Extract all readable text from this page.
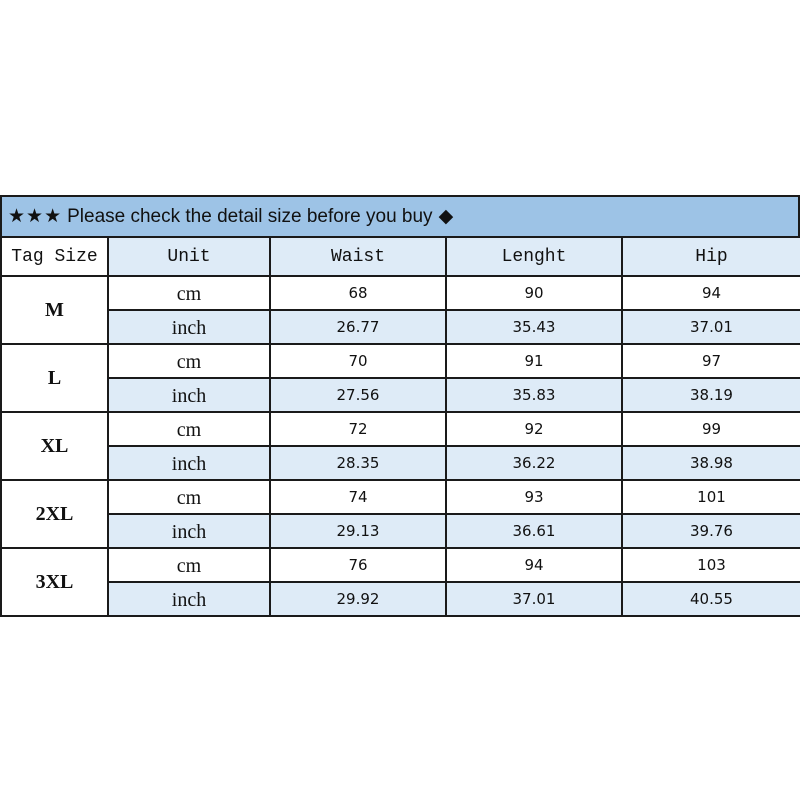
★★★ Please check the detail size before you buy ◆
Tag Size	Unit	Waist	Lenght	Hip
M	cm	68	90	94
	inch	26.77	35.43	37.01
L	cm	70	91	97
	inch	27.56	35.83	38.19
XL	cm	72	92	99
	inch	28.35	36.22	38.98
2XL	cm	74	93	101
	inch	29.13	36.61	39.76
3XL	cm	76	94	103
	inch	29.92	37.01	40.55
